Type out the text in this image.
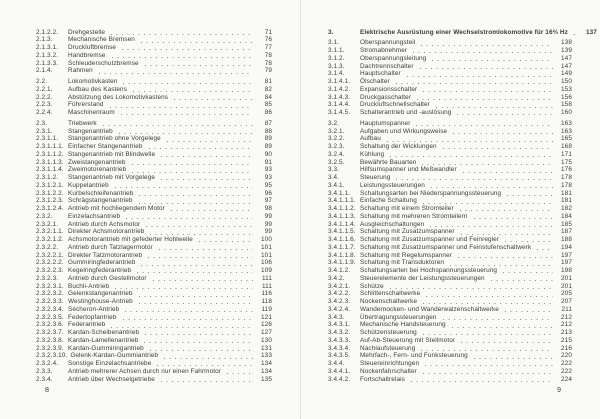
2.1.2.2.	Drehgestelle	71
2.1.3.	Mechanische Bremsen	76
2.1.3.1.	Druckluftbremse	77
2.1.3.2.	Handbremse	78
2.1.3.3.	Schleuderschutzbremse	78
2.1.4.	Rahmen	79
2.2.	Lokomotivkasten	81
2.2.1.	Aufbau des Kastens	82
2.2.2.	Abstützung des Lokomotivkastens	84
2.2.3.	Führerstand	85
2.2.4.	Maschinenraum	86
2.3.	Triebwerk	87
2.3.1.	Stangenantrieb	88
2.3.1.1.	Stangenantrieb ohne Vorgelege	89
2.3.1.1.1. Einfacher Stangenantrieb	89
2.3.1.1.2. Stangenantrieb mit Blindwelle	90
2.3.1.1.3. Zweistangenantrieb	91
2.3.1.1.4. Zweimotorenantrieb	93
2.3.1.2.	Stangenantrieb mit Vorgelege	93
2.3.1.2.1. Kuppelantrieb	95
2.3.1.2.2. Kurbelschleifenantrieb	96
2.3.1.2.3. Schrägstangenantrieb	97
2.3.1.2.4. Antrieb mit hochliegendem Motor	98
2.3.2.	Einzelachsantrieb	99
2.3.2.1.	Antrieb durch Achsmotor	99
2.3.2.1.1. Direkter Achsmotorantrieb	99
2.3.2.1.2. Achsmotorantrieb mit gefederter Hohlwelle	100
2.3.2.2.	Antrieb durch Tatzlagermotor	101
2.3.2.2.1. Direkter Tatzmotorantrieb	101
2.3.2.2.2. Gummiringfederantrieb	106
2.3.2.2.3. Kegelringfederantrieb	109
2.3.2.3.	Antrieb durch Gestellmotor	111
2.3.2.3.1. Buchli-Antrieb	111
2.3.2.3.2. Gelenkstangenantrieb	116
2.3.2.3.3. Westinghouse-Antrieb	118
2.3.2.3.4. Sécheron-Antrieb	119
2.3.2.3.5. Federtopfantrieb	121
2.3.2.3.6. Federantrieb	126
2.3.2.3.7. Kardan-Scheibenantrieb	127
2.3.2.3.8. Kardan-Lamellenantrieb	130
2.3.2.3.9. Kardan-Gummiringantrieb	131
2.3.2.3.10. Gelenk-Kardan-Gummiantrieb	133
2.3.2.4.	Sonstige Einzelachsantriebe	134
2.3.3.	Antrieb mehrerer Achsen durch nur einen Fahrmotor	134
2.3.4.	Antrieb über Wechselgetriebe	135
3.	Elektrische Ausrüstung einer Wechselstromlokomotive für 16⅔ Hz	137
3.1.	Oberspannungsteil	138
3.1.1.	Stromabnehmer	139
3.1.2.	Oberspannungsleitung	147
3.1.3.	Dachtrennschalter	147
3.1.4.	Hauptschalter	149
3.1.4.1.	Ölschalter	150
3.1.4.2.	Expansionsschalter	153
3.1.4.3.	Druckgasschalter	156
3.1.4.4.	Druckluftschnellschalter	158
3.1.4.5.	Schalterantrieb und -auslösung	160
3.2.	Hauptumspanner	163
3.2.1.	Aufgaben und Wirkungsweise	163
3.2.2.	Aufbau	165
3.2.3.	Schaltung der Wicklungen	168
3.2.4.	Kühlung	171
3.2.5.	Bewährte Bauarten	175
3.3.	Hilfsumspanner und Meßwandler	176
3.4.	Steuerung	178
3.4.1.	Leistungssteuerungen	178
3.4.1.1.	Schaltungsarten bei Niederspannungssteuerung	181
3.4.1.1.1. Einfache Schaltung	181
3.4.1.1.2. Schaltung mit einem Stromteiler	182
3.4.1.1.3. Schaltung mit mehreren Stromteilern	184
3.4.1.1.4. Ausgleichschaltungen	185
3.4.1.1.5. Schaltung mit Zusatzumspanner	187
3.4.1.1.6. Schaltung mit Zusatzumspanner und Feinregler	188
3.4.1.1.7. Schaltung mit Zusatzumspanner und Feinstufenschaltwerk	194
3.4.1.1.8. Schaltung mit Regelumspanner	197
3.4.1.1.9. Schaltung mit Transduktoren	197
3.4.1.2.	Schaltungsarten bei Hochspannungssteuerung	198
3.4.2.	Steuerelemente der Leistungssteuerungen	201
3.4.2.1.	Schütze	201
3.4.2.2.	Schlittenschaltwerke	205
3.4.2.3.	Nockenschaltwerke	207
3.4.2.4.	Wandernocken- und Wanderwalzenschaltwerke	211
3.4.3.	Übertragungssteuerungen	212
3.4.3.1.	Mechanische Handsteuerung	212
3.4.3.2.	Schützensteuerung	213
3.4.3.3.	Auf-Ab-Steuerung mit Stellmotor	215
3.4.3.4.	Nachlaufsteuerung	216
3.4.3.5.	Mehrfach-, Fern- und Funksteuerung	220
3.4.4.	Steuereinrichtungen	222
3.4.4.1.	Nockenfahrschalter	222
3.4.4.2.	Fortschaltrelais	224
8	9
